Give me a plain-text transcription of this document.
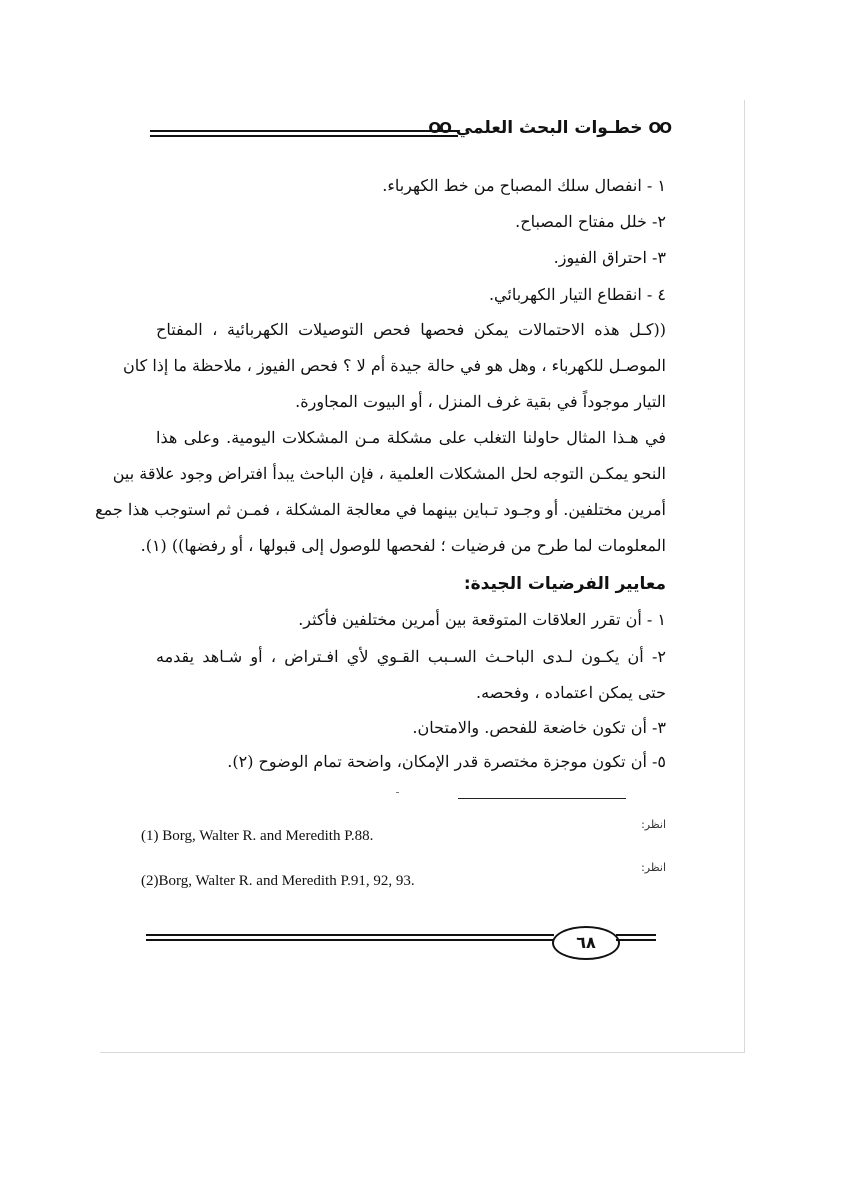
OO خطـوات البحث العلمي OO
١ - انفصال سلك المصباح من خط الكهرباء.
٢- خلل مفتاح المصباح.
٣- احتراق الفيوز.
٤ - انقطاع التيار الكهربائي.
((كـل هذه الاحتمالات يمكن فحصها فحص التوصيلات الكهربائية ، المفتاح
الموصـل للكهرباء ، وهل هو في حالة جيدة أم لا ؟ فحص الفيوز ، ملاحظة ما إذا كان
التيار موجوداً في بقية غرف المنزل ، أو البيوت المجاورة.
في هـذا المثال حاولنا التغلب على مشكلة مـن المشكلات اليومية. وعلى هذا
النحو يمكـن التوجه لحل المشكلات العلمية ، فإن الباحث يبدأ افتراض وجود علاقة بين
أمرين مختلفين. أو وجـود تـباين بينهما في معالجة المشكلة ، فمـن ثم استوجب هذا جمع
المعلومات لما طرح من فرضيات ؛ لفحصها للوصول إلى قبولها ، أو رفضها)) (١).
معايير الفرضيات الجيدة:
١ - أن تقرر العلاقات المتوقعة بين أمرين مختلفين فأكثر.
٢- أن يكـون لـدى الباحـث السـبب القـوي لأي افـتراض ، أو شـاهد يقدمه
حتى يمكن اعتماده ، وفحصه.
٣- أن تكون خاضعة للفحص. والامتحان.
٥- أن تكون موجزة مختصرة قدر الإمكان، واضحة تمام الوضوح (٢).
انظر:
(1) Borg, Walter R. and Meredith P.88.
انظر:
(2)Borg, Walter R. and Meredith P.91, 92, 93.
٦٨
